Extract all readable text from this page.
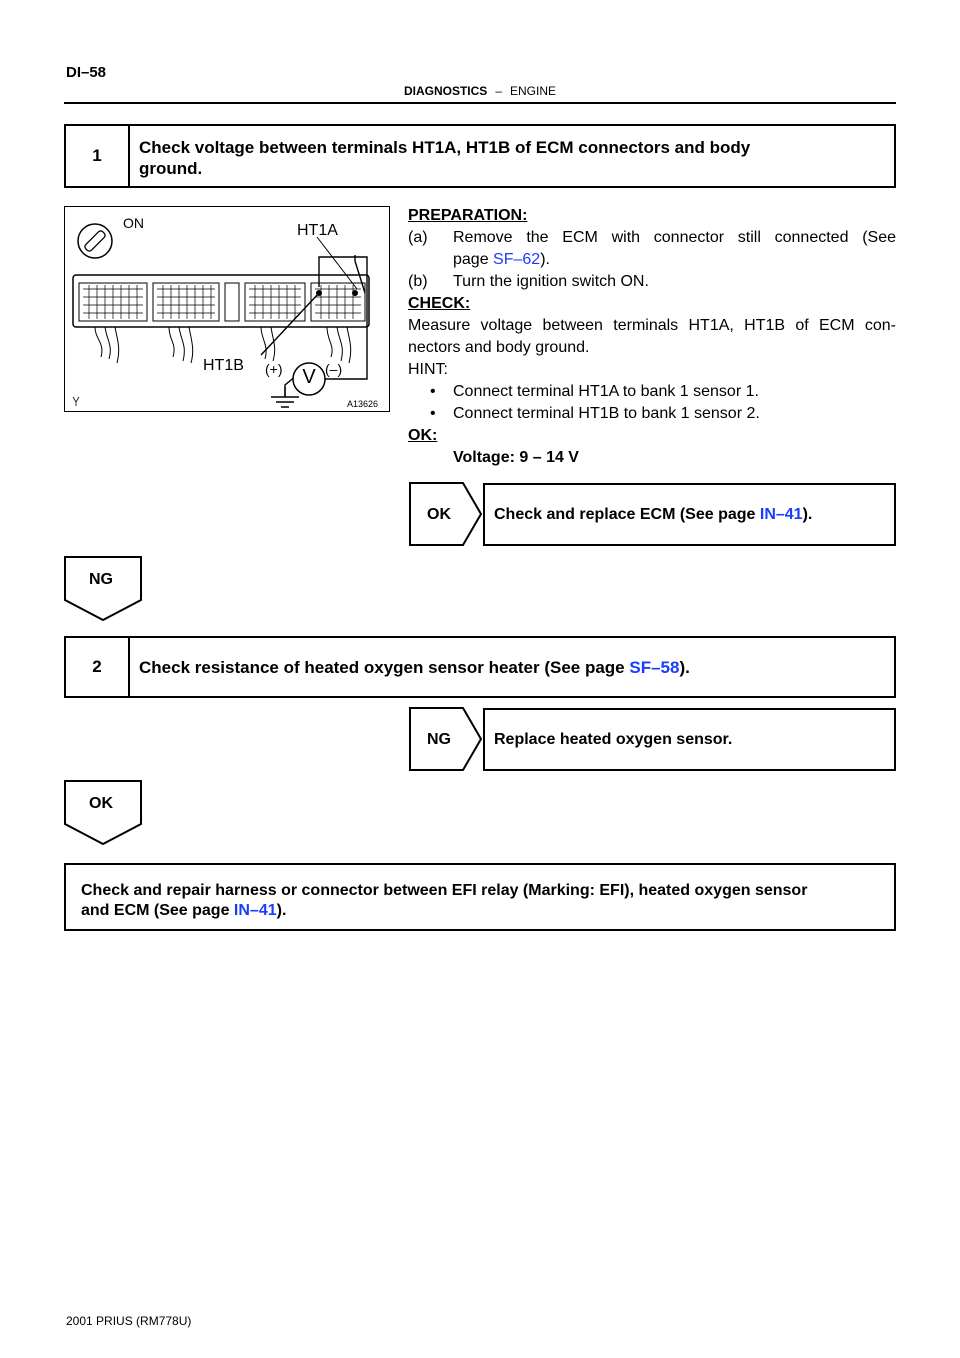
DI–58
DIAGNOSTICS – ENGINE
1	Check voltage between terminals HT1A, HT1B of ECM connectors and body
ground.
ON	HT1A
HT1B (+)	(–)
V
A13626
PREPARATION:
(a) Remove the ECM with connector still connected (See
page SF–62).
(b) Turn the ignition switch ON.
CHECK:
Measure voltage between terminals HT1A, HT1B of ECM con-
nectors and body ground.
HINT:
• Connect terminal HT1A to bank 1 sensor 1.
• Connect terminal HT1B to bank 1 sensor 2.
OK:
Voltage: 9 – 14 V
OK	Check and replace ECM (See page IN–41).
NG
2	Check resistance of heated oxygen sensor heater (See page SF–58).
NG	Replace heated oxygen sensor.
OK
Check and repair harness or connector between EFI relay (Marking: EFI), heated oxygen sensor
and ECM (See page IN–41).
2001 PRIUS (RM778U)
